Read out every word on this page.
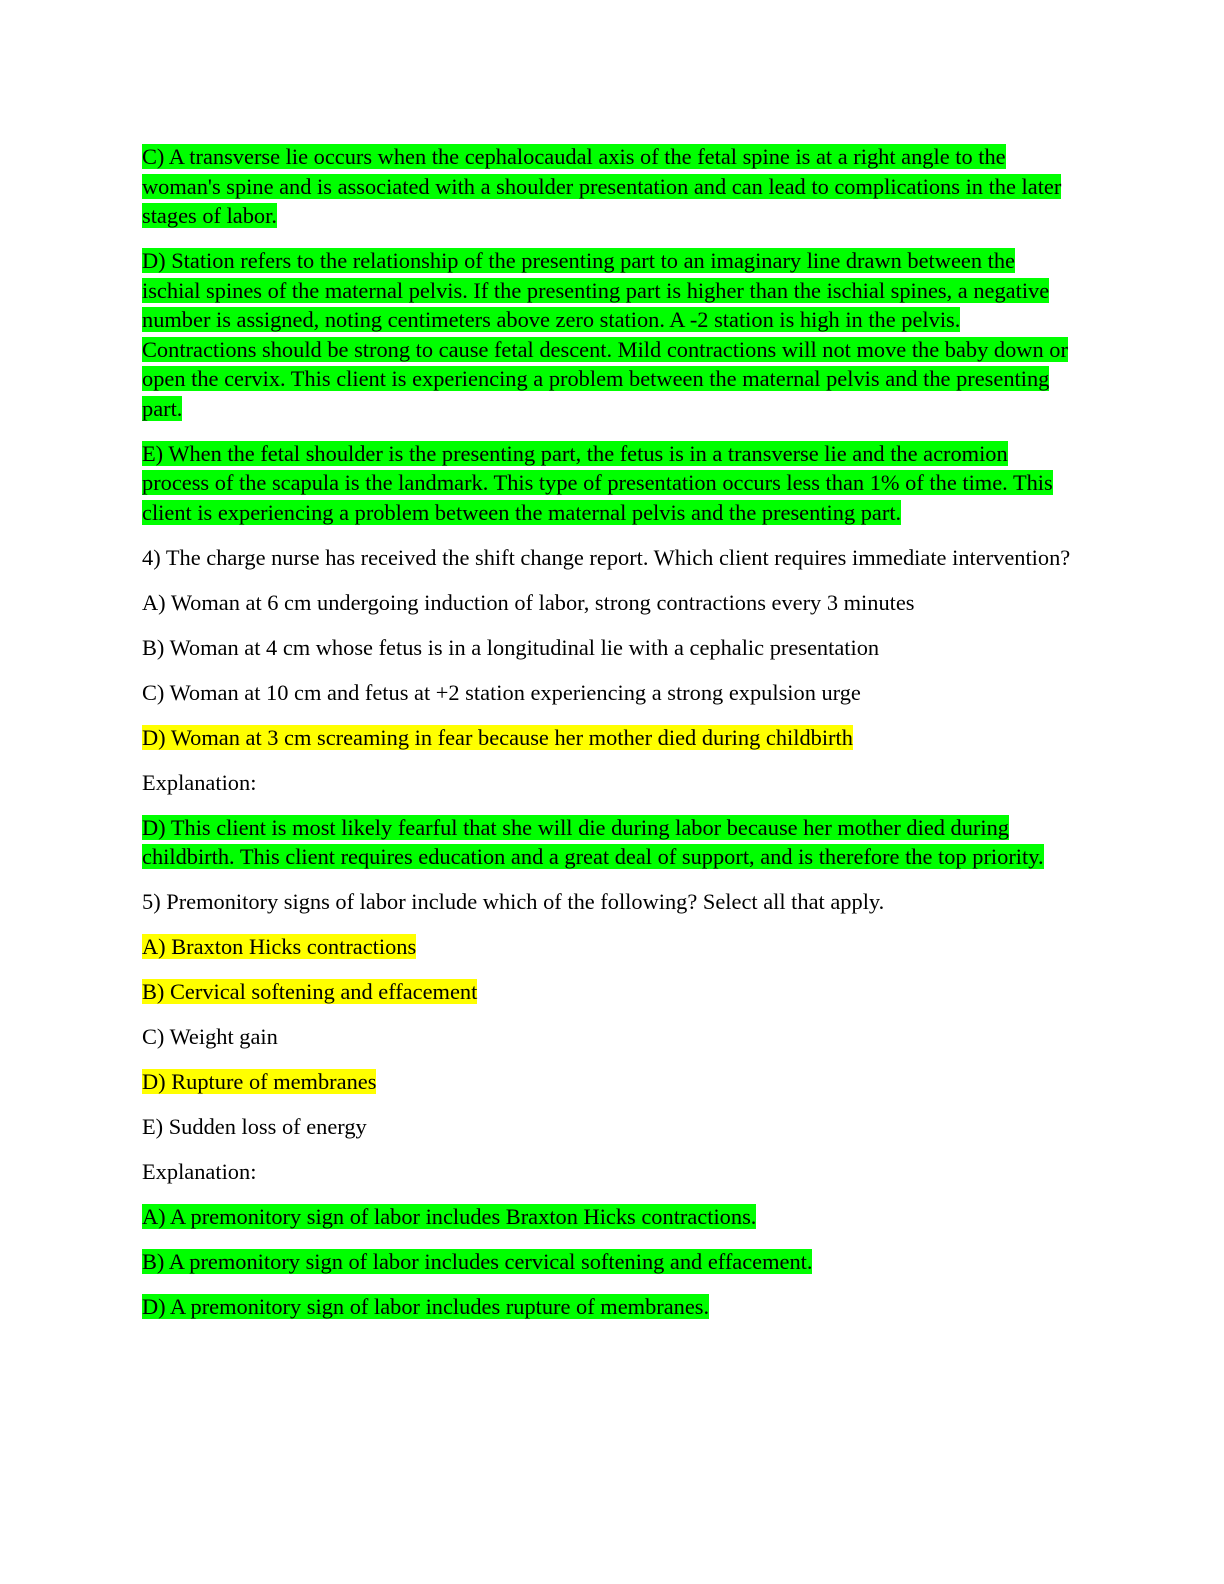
C) A transverse lie occurs when the cephalocaudal axis of the fetal spine is at a right angle to the woman's spine and is associated with a shoulder presentation and can lead to complications in the later stages of labor.

D) Station refers to the relationship of the presenting part to an imaginary line drawn between the ischial spines of the maternal pelvis. If the presenting part is higher than the ischial spines, a negative number is assigned, noting centimeters above zero station. A -2 station is high in the pelvis. Contractions should be strong to cause fetal descent. Mild contractions will not move the baby down or open the cervix. This client is experiencing a problem between the maternal pelvis and the presenting part.

E) When the fetal shoulder is the presenting part, the fetus is in a transverse lie and the acromion process of the scapula is the landmark. This type of presentation occurs less than 1% of the time. This client is experiencing a problem between the maternal pelvis and the presenting part.

4) The charge nurse has received the shift change report. Which client requires immediate intervention?

A) Woman at 6 cm undergoing induction of labor, strong contractions every 3 minutes

B) Woman at 4 cm whose fetus is in a longitudinal lie with a cephalic presentation

C) Woman at 10 cm and fetus at +2 station experiencing a strong expulsion urge

D) Woman at 3 cm screaming in fear because her mother died during childbirth

Explanation:

D) This client is most likely fearful that she will die during labor because her mother died during childbirth. This client requires education and a great deal of support, and is therefore the top priority.

5) Premonitory signs of labor include which of the following? Select all that apply.

A) Braxton Hicks contractions

B) Cervical softening and effacement

C) Weight gain

D) Rupture of membranes

E) Sudden loss of energy

Explanation:

A) A premonitory sign of labor includes Braxton Hicks contractions.

B) A premonitory sign of labor includes cervical softening and effacement.

D) A premonitory sign of labor includes rupture of membranes.
